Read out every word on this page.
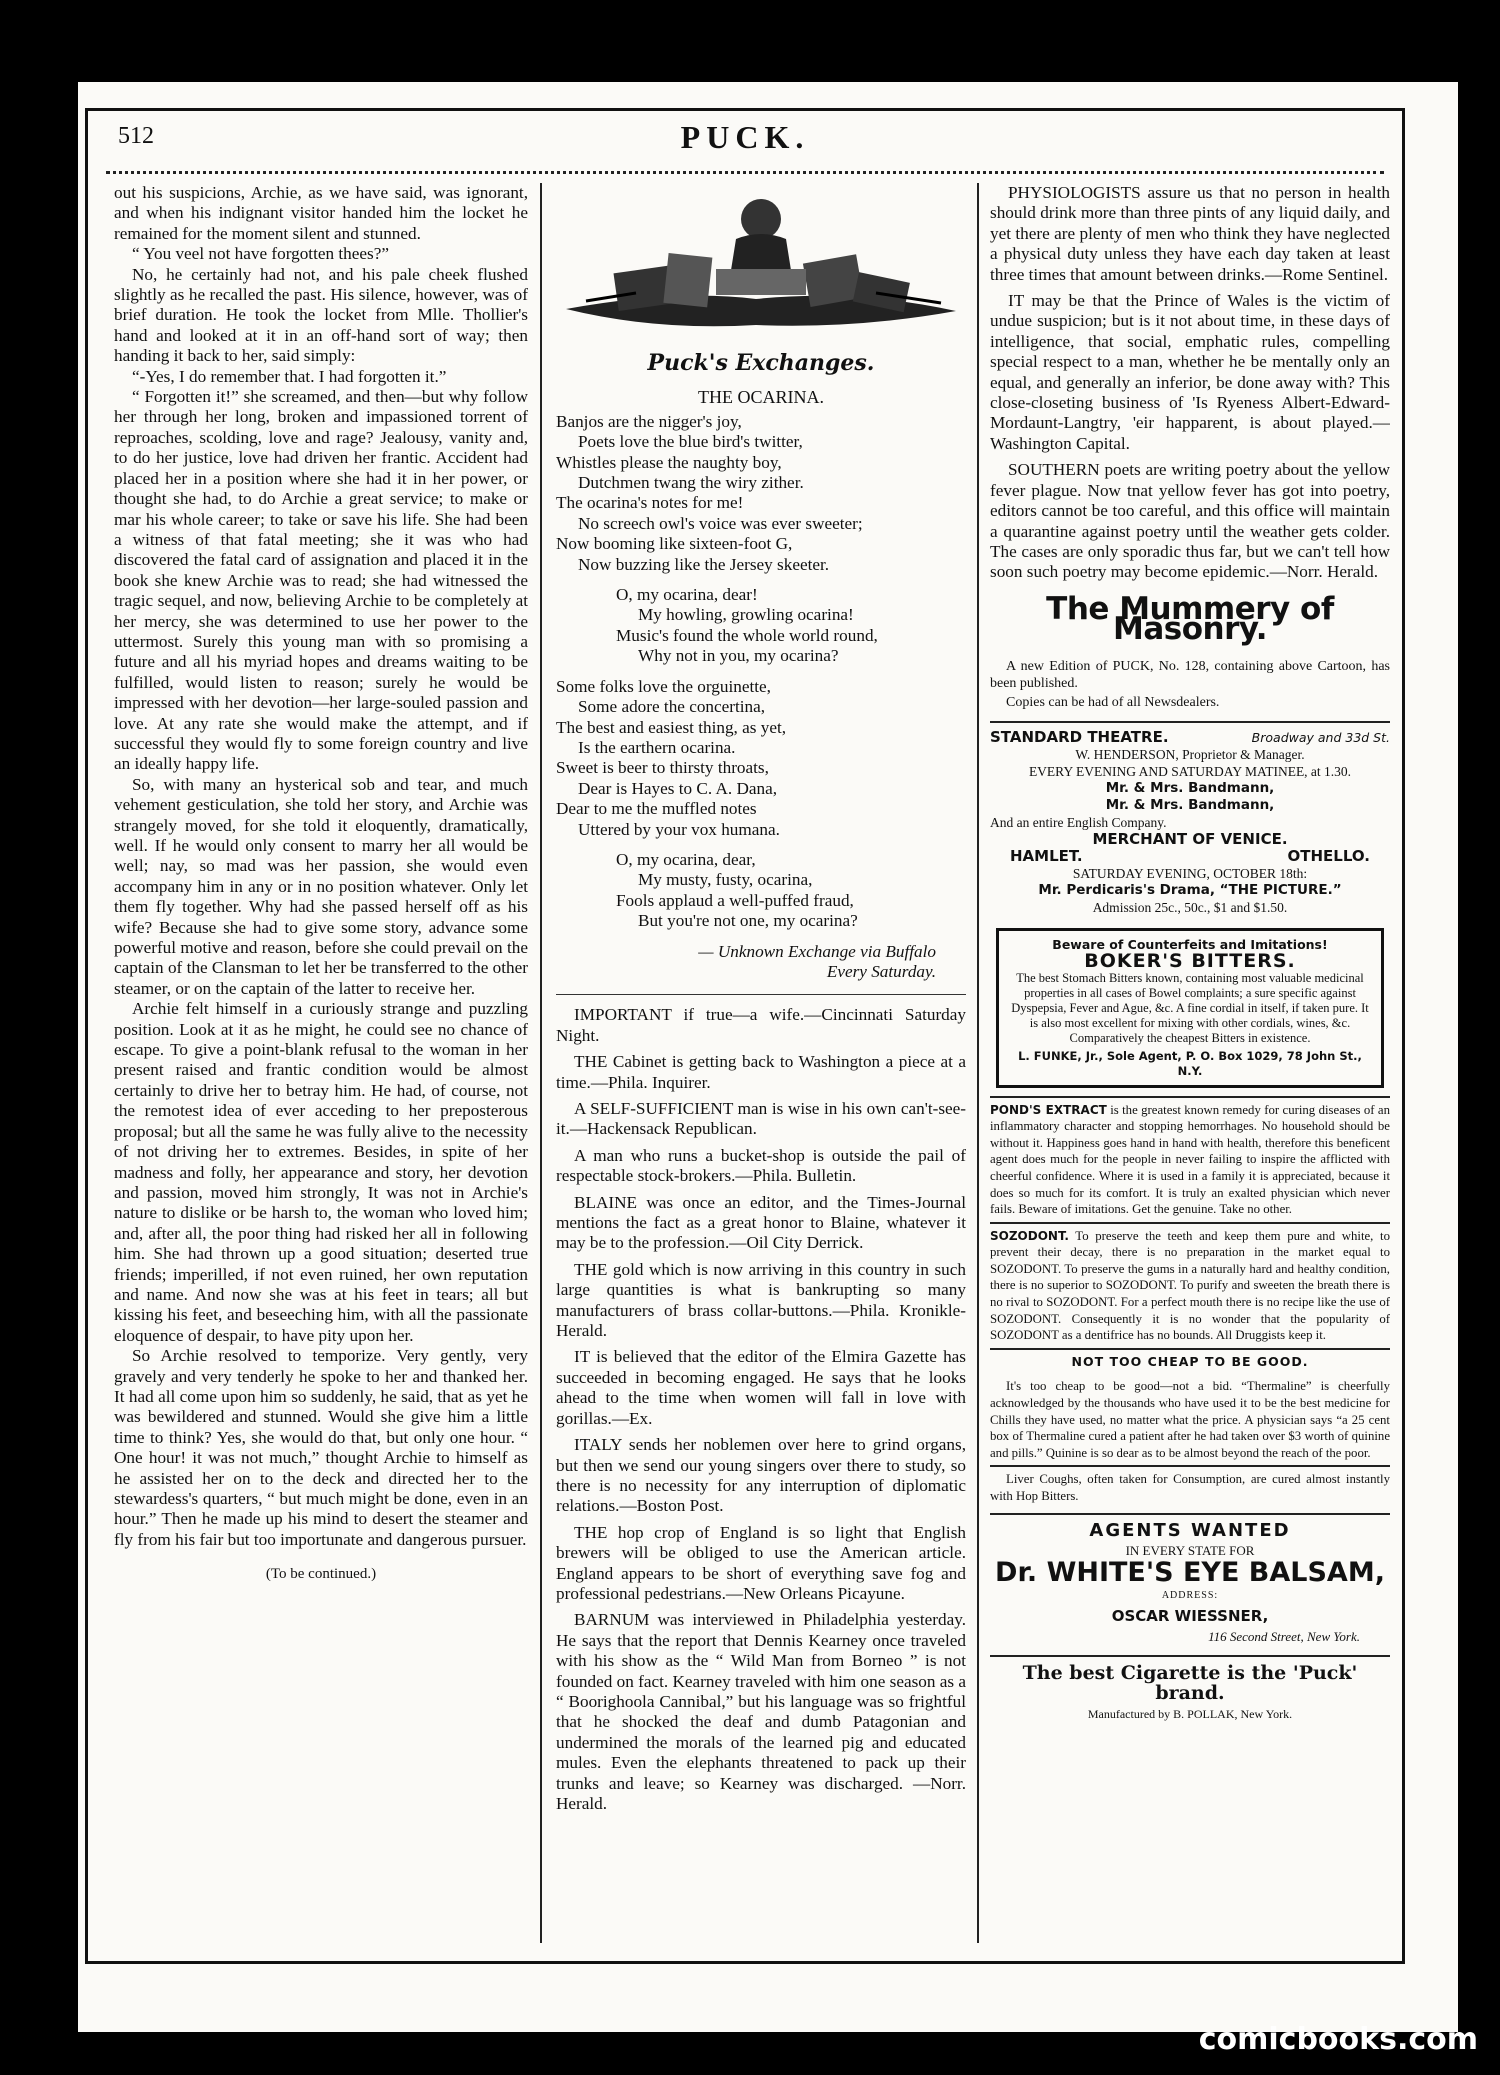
512	PUCK.

out his suspicions, Archie, as we have said, was ignorant, and when his indignant visitor handed him the locket he remained for the moment silent and stunned.

“ You veel not have forgotten thees?”

No, he certainly had not, and his pale cheek flushed slightly as he recalled the past. His silence, however, was of brief duration. He took the locket from Mlle. Thollier's hand and looked at it in an off-hand sort of way; then handing it back to her, said simply:

“-Yes, I do remember that. I had forgotten it.”

“ Forgotten it!” she screamed, and then—but why follow her through her long, broken and impassioned torrent of reproaches, scolding, love and rage? Jealousy, vanity and, to do her justice, love had driven her frantic. Accident had placed her in a position where she had it in her power, or thought she had, to do Archie a great service; to make or mar his whole career; to take or save his life. She had been a witness of that fatal meeting; she it was who had discovered the fatal card of assignation and placed it in the book she knew Archie was to read; she had witnessed the tragic sequel, and now, believing Archie to be completely at her mercy, she was determined to use her power to the uttermost. Surely this young man with so promising a future and all his myriad hopes and dreams waiting to be fulfilled, would listen to reason; surely he would be impressed with her devotion—her large-souled passion and love. At any rate she would make the attempt, and if successful they would fly to some foreign country and live an ideally happy life.

So, with many an hysterical sob and tear, and much vehement gesticulation, she told her story, and Archie was strangely moved, for she told it eloquently, dramatically, well. If he would only consent to marry her all would be well; nay, so mad was her passion, she would even accompany him in any or in no position whatever. Only let them fly together. Why had she passed herself off as his wife? Because she had to give some story, advance some powerful motive and reason, before she could prevail on the captain of the Clansman to let her be transferred to the other steamer, or on the captain of the latter to receive her.

Archie felt himself in a curiously strange and puzzling position. Look at it as he might, he could see no chance of escape. To give a point-blank refusal to the woman in her present raised and frantic condition would be almost certainly to drive her to betray him. He had, of course, not the remotest idea of ever acceding to her preposterous proposal; but all the same he was fully alive to the necessity of not driving her to extremes. Besides, in spite of her madness and folly, her appearance and story, her devotion and passion, moved him strongly, It was not in Archie's nature to dislike or be harsh to, the woman who loved him; and, after all, the poor thing had risked her all in following him. She had thrown up a good situation; deserted true friends; imperilled, if not even ruined, her own reputation and name. And now she was at his feet in tears; all but kissing his feet, and beseeching him, with all the passionate eloquence of despair, to have pity upon her.

So Archie resolved to temporize. Very gently, very gravely and very tenderly he spoke to her and thanked her. It had all come upon him so suddenly, he said, that as yet he was bewildered and stunned. Would she give him a little time to think? Yes, she would do that, but only one hour. “ One hour! it was not much,” thought Archie to himself as he assisted her on to the deck and directed her to the stewardess's quarters, “ but much might be done, even in an hour.” Then he made up his mind to desert the steamer and fly from his fair but too importunate and dangerous pursuer.

(To be continued.)

Puck's Exchanges.
THE OCARINA.
Banjos are the nigger's joy,
Poets love the blue bird's twitter,
Whistles please the naughty boy,
Dutchmen twang the wiry zither.
The ocarina's notes for me!
No screech owl's voice was ever sweeter;
Now booming like sixteen-foot G,
Now buzzing like the Jersey skeeter.
O, my ocarina, dear!
My howling, growling ocarina!
Music's found the whole world round,
Why not in you, my ocarina?
Some folks love the orguinette,
Some adore the concertina,
The best and easiest thing, as yet,
Is the earthern ocarina.
Sweet is beer to thirsty throats,
Dear is Hayes to C. A. Dana,
Dear to me the muffled notes
Uttered by your vox humana.
O, my ocarina, dear,
My musty, fusty, ocarina,
Fools applaud a well-puffed fraud,
But you're not one, my ocarina?
— Unknown Exchange via Buffalo
Every Saturday.

IMPORTANT if true—a wife.—Cincinnati Saturday Night.

THE Cabinet is getting back to Washington a piece at a time.—Phila. Inquirer.

A SELF-SUFFICIENT man is wise in his own can't-see-it.—Hackensack Republican.

A man who runs a bucket-shop is outside the pail of respectable stock-brokers.—Phila. Bulletin.

BLAINE was once an editor, and the Times-Journal mentions the fact as a great honor to Blaine, whatever it may be to the profession.—Oil City Derrick.

THE gold which is now arriving in this country in such large quantities is what is bankrupting so many manufacturers of brass collar-buttons.—Phila. Kronikle-Herald.

IT is believed that the editor of the Elmira Gazette has succeeded in becoming engaged. He says that he looks ahead to the time when women will fall in love with gorillas.—Ex.

ITALY sends her noblemen over here to grind organs, but then we send our young singers over there to study, so there is no necessity for any interruption of diplomatic relations.—Boston Post.

THE hop crop of England is so light that English brewers will be obliged to use the American article. England appears to be short of everything save fog and professional pedestrians.—New Orleans Picayune.

BARNUM was interviewed in Philadelphia yesterday. He says that the report that Dennis Kearney once traveled with his show as the “ Wild Man from Borneo ” is not founded on fact. Kearney traveled with him one season as a “ Boorighoola Cannibal,” but his language was so frightful that he shocked the deaf and dumb Patagonian and undermined the morals of the learned pig and educated mules. Even the elephants threatened to pack up their trunks and leave; so Kearney was discharged. —Norr. Herald.

PHYSIOLOGISTS assure us that no person in health should drink more than three pints of any liquid daily, and yet there are plenty of men who think they have neglected a physical duty unless they have each day taken at least three times that amount between drinks.—Rome Sentinel.

IT may be that the Prince of Wales is the victim of undue suspicion; but is it not about time, in these days of intelligence, that social, emphatic rules, compelling special respect to a man, whether he be mentally only an equal, and generally an inferior, be done away with? This close-closeting business of 'Is Ryeness Albert-Edward-Mordaunt-Langtry, 'eir happarent, is about played.—Washington Capital.

SOUTHERN poets are writing poetry about the yellow fever plague. Now tnat yellow fever has got into poetry, editors cannot be too careful, and this office will maintain a quarantine against poetry until the weather gets colder. The cases are only sporadic thus far, but we can't tell how soon such poetry may become epidemic.—Norr. Herald.

The Mummery of Masonry.

A new Edition of PUCK, No. 128, containing above Cartoon, has been published.

Copies can be had of all Newsdealers.

Broadway and 33d St.
STANDARD THEATRE.
W. HENDERSON, Proprietor & Manager.
EVERY EVENING AND SATURDAY MATINEE, at 1.30.
Mr. & Mrs. Bandmann,
Mr. & Mrs. Bandmann,
And an entire English Company.
MERCHANT OF VENICE.
HAMLET.	OTHELLO.
SATURDAY EVENING, OCTOBER 18th:
Mr. Perdicaris's Drama, “THE PICTURE.”
Admission 25c., 50c., $1 and $1.50.
Beware of Counterfeits and Imitations!
BOKER'S BITTERS.
The best Stomach Bitters known, containing most valuable medicinal properties in all cases of Bowel complaints; a sure specific against Dyspepsia, Fever and Ague, &c. A fine cordial in itself, if taken pure. It is also most excellent for mixing with other cordials, wines, &c. Comparatively the cheapest Bitters in existence.
L. FUNKE, Jr., Sole Agent, P. O. Box 1029, 78 John St., N.Y.
POND'S EXTRACT is the greatest known remedy for curing diseases of an inflammatory character and stopping hemorrhages. No household should be without it. Happiness goes hand in hand with health, therefore this beneficent agent does much for the people in never failing to inspire the afflicted with cheerful confidence. Where it is used in a family it is appreciated, because it does so much for its comfort. It is truly an exalted physician which never fails. Beware of imitations. Get the genuine. Take no other.
SOZODONT. To preserve the teeth and keep them pure and white, to prevent their decay, there is no preparation in the market equal to SOZODONT. To preserve the gums in a naturally hard and healthy condition, there is no superior to SOZODONT. To purify and sweeten the breath there is no rival to SOZODONT. For a perfect mouth there is no recipe like the use of SOZODONT. Consequently it is no wonder that the popularity of SOZODONT as a dentifrice has no bounds. All Druggists keep it.
NOT TOO CHEAP TO BE GOOD.
It's too cheap to be good—not a bid. “Thermaline” is cheerfully acknowledged by the thousands who have used it to be the best medicine for Chills they have used, no matter what the price. A physician says “a 25 cent box of Thermaline cured a patient after he had taken over $3 worth of quinine and pills.” Quinine is so dear as to be almost beyond the reach of the poor.
Liver Coughs, often taken for Consumption, are cured almost instantly with Hop Bitters.
AGENTS WANTED
IN EVERY STATE FOR
Dr. WHITE'S EYE BALSAM,
ADDRESS:
OSCAR WIESSNER,
116 Second Street, New York.
The best Cigarette is the 'Puck' brand.
Manufactured by B. POLLAK, New York.
comicbooks.com
